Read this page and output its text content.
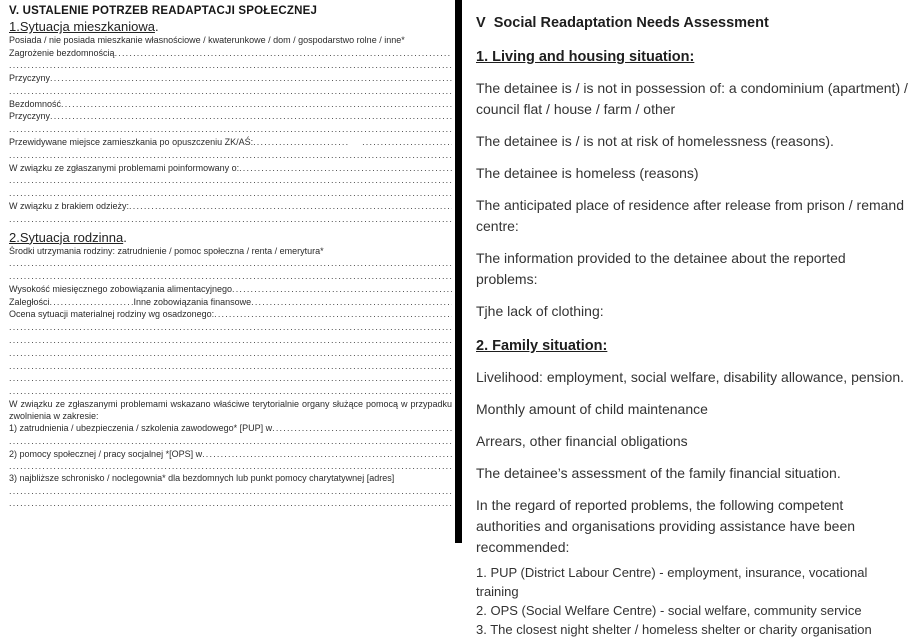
V. USTALENIE POTRZEB READAPTACJI SPOŁECZNEJ
1.Sytuacja mieszkaniowa.
Posiada / nie posiada mieszkanie własnościowe / kwaterunkowe / dom / gospodarstwo rolne / inne*
Zagrożenie bezdomnością
.....
.....
Przyczyny
.....
.....
Bezdomność
.....
Przyczyny
.....
.....
Przewidywane miejsce zamieszkania po opuszczeniu ZK/AŚ:
.....
.....
.....
W związku ze zgłaszanymi problemami poinformowany o:
.....
.....
.....
W związku z brakiem odzieży:
.....
.....
2.Sytuacja rodzinna.
Środki utrzymania rodziny: zatrudnienie / pomoc społeczna / renta / emerytura*
.....
.....
Wysokość miesięcznego zobowiązania alimentacyjnego
.....
Zaległości .....	Inne zobowiązania finansowe
.....
Ocena sytuacji materialnej rodziny wg osadzonego:
.....
.....
.....
.....
.....
.....
.....
W związku ze zgłaszanymi problemami wskazano właściwe terytorialnie organy służące pomocą w przypadku zwolnienia w zakresie:
1) zatrudnienia / ubezpieczenia / szkolenia zawodowego* [PUP] w
.....
.....
2) pomocy społecznej / pracy socjalnej *[OPS] w
.....
.....
3) najbliższe schronisko / noclegownia* dla bezdomnych lub punkt pomocy charytatywnej [adres]
.....
.....
V  Social Readaptation Needs Assessment
1. Living and housing situation:
The detainee is / is not in possession of: a condominium (apartment) / council flat / house / farm / other
The detainee is / is not at risk of homelessness (reasons).
The detainee is homeless (reasons)
The anticipated place of residence after release from prison / remand centre:
The information provided to the detainee about the reported problems:
Tjhe lack of clothing:
2. Family situation:
Livelihood: employment, social welfare, disability allowance, pension.
Monthly amount of child maintenance
Arrears, other financial obligations
The detainee’s assessment of the family financial situation.
In the regard of reported problems, the following competent authorities and organisations providing assistance have been recommended:
1. PUP (District Labour Centre) - employment, insurance, vocational training
2. OPS (Social Welfare Centre) - social welfare, community service
3. The closest night shelter / homeless shelter or charity organisation
